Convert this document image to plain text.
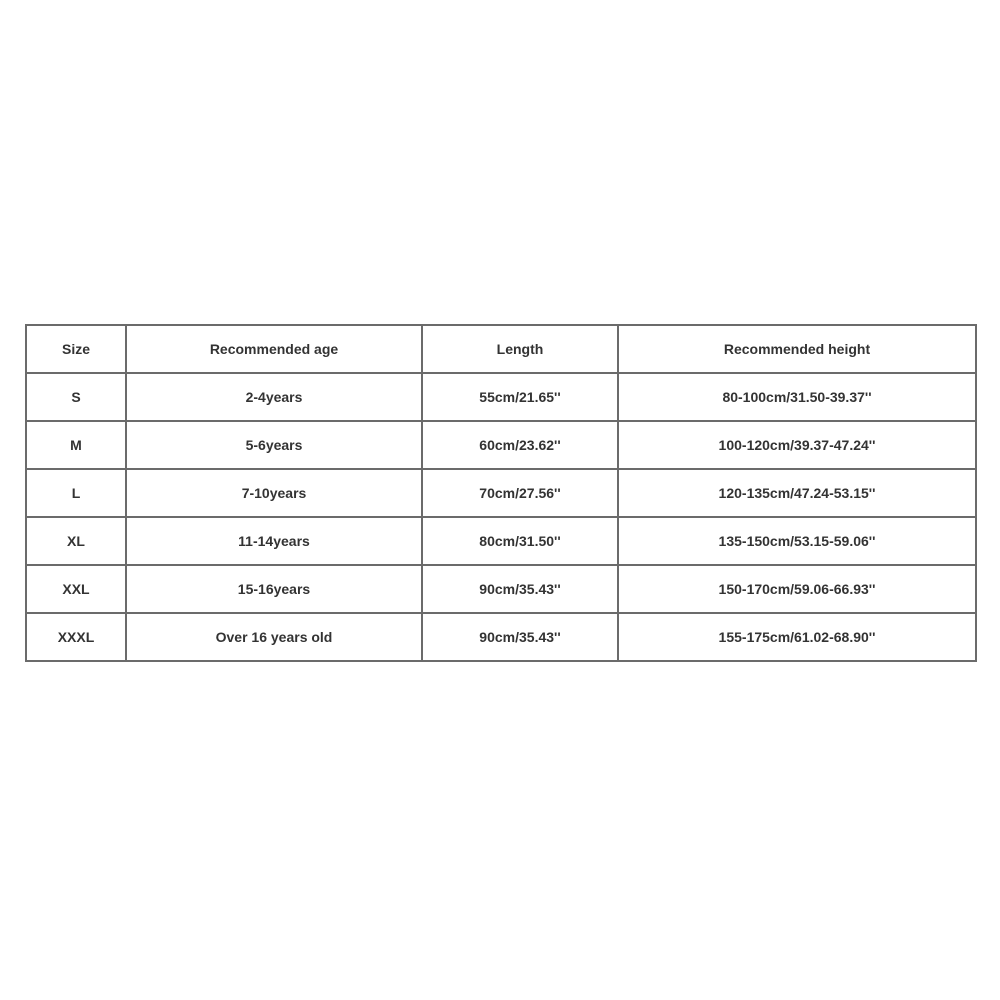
Size	Recommended age	Length	Recommended height
S	2-4years	55cm/21.65''	80-100cm/31.50-39.37''
M	5-6years	60cm/23.62''	100-120cm/39.37-47.24''
L	7-10years	70cm/27.56''	120-135cm/47.24-53.15''
XL	11-14years	80cm/31.50''	135-150cm/53.15-59.06''
XXL	15-16years	90cm/35.43''	150-170cm/59.06-66.93''
XXXL	Over 16 years old	90cm/35.43''	155-175cm/61.02-68.90''
